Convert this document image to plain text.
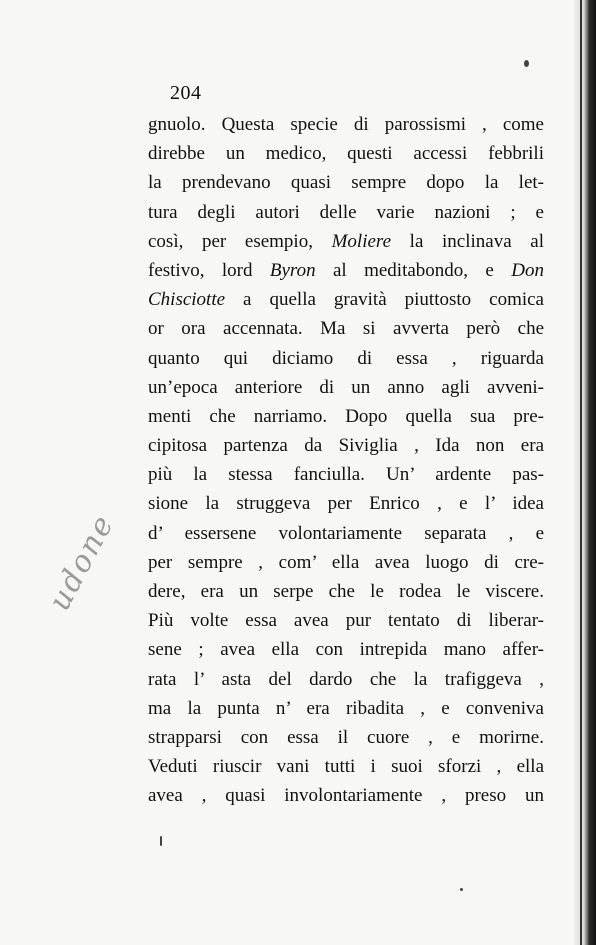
204
gnuolo. Questa specie di parossismi , come
direbbe un medico, questi accessi febbrili
la prendevano quasi sempre dopo la let-
tura degli autori delle varie nazioni ; e
così, per esempio, Moliere la inclinava al
festivo, lord Byron al meditabondo, e Don
Chisciotte a quella gravità piuttosto comica
or ora accennata. Ma si avverta però che
quanto qui diciamo di essa , riguarda
un’epoca anteriore di un anno agli avveni-
menti che narriamo. Dopo quella sua pre-
cipitosa partenza da Siviglia , Ida non era
più la stessa fanciulla. Un’ ardente pas-
sione la struggeva per Enrico , e l’ idea
d’ essersene volontariamente separata , e
per sempre , com’ ella avea luogo di cre-
dere, era un serpe che le rodea le viscere.
Più volte essa avea pur tentato di liberar-
sene ; avea ella con intrepida mano affer-
rata l’ asta del dardo che la trafiggeva ,
ma la punta n’ era ribadita , e conveniva
strapparsi con essa il cuore , e morirne.
Veduti riuscir vani tutti i suoi sforzi , ella
avea , quasi involontariamente , preso un
udone
